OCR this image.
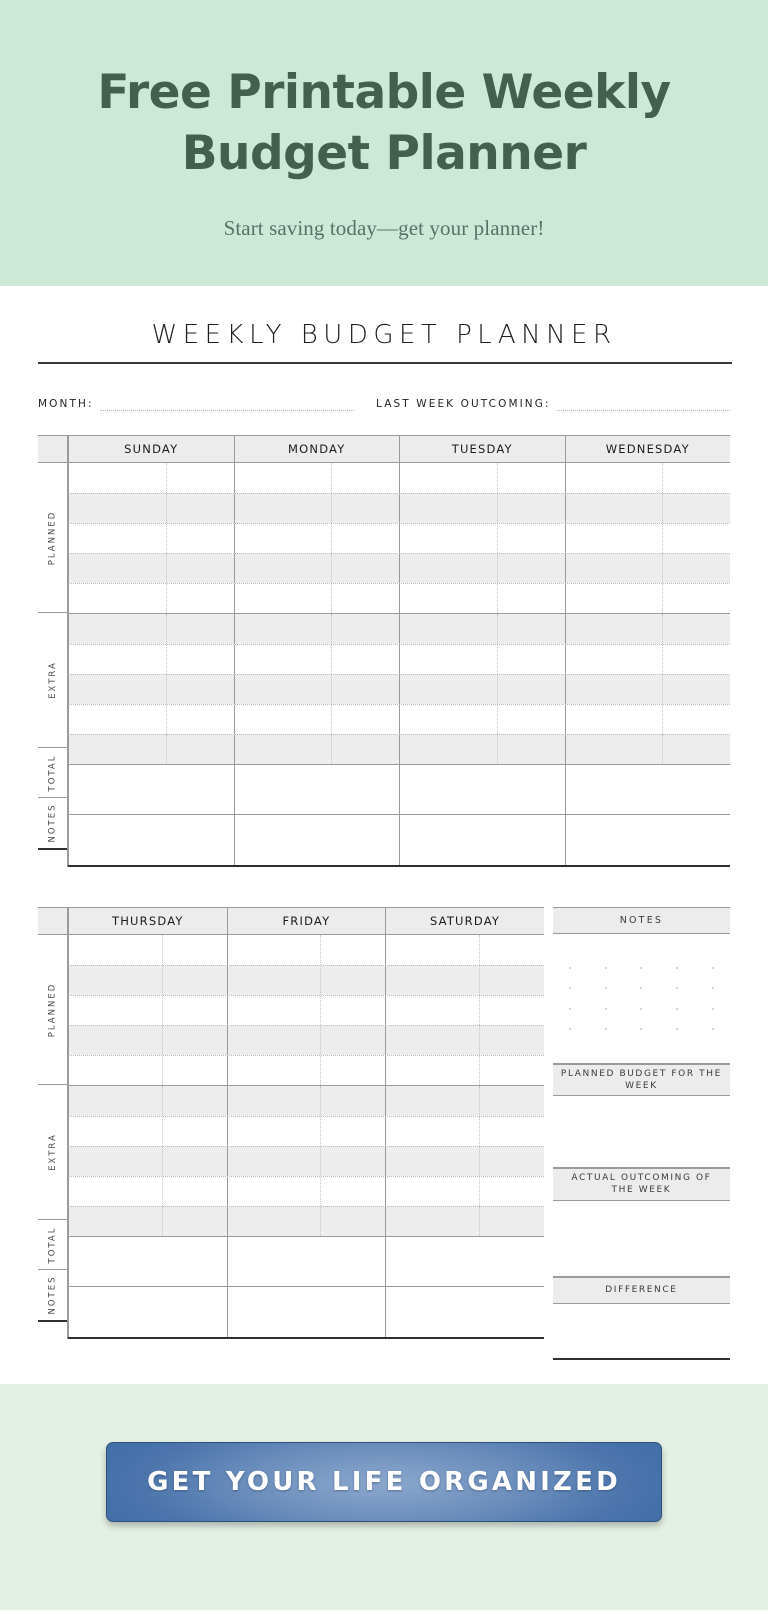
Free Printable Weekly Budget Planner
Start saving today—get your planner!
WEEKLY BUDGET PLANNER
MONTH:	LAST WEEK OUTCOMING:
PLANNED
EXTRA
TOTAL
NOTES
SUNDAY	MONDAY	TUESDAY	WEDNESDAY
PLANNED
EXTRA
TOTAL
NOTES
THURSDAY	FRIDAY	SATURDAY	NOTES
PLANNED BUDGET FOR THE WEEK
ACTUAL OUTCOMING OF THE WEEK
DIFFERENCE
GET YOUR LIFE ORGANIZED
